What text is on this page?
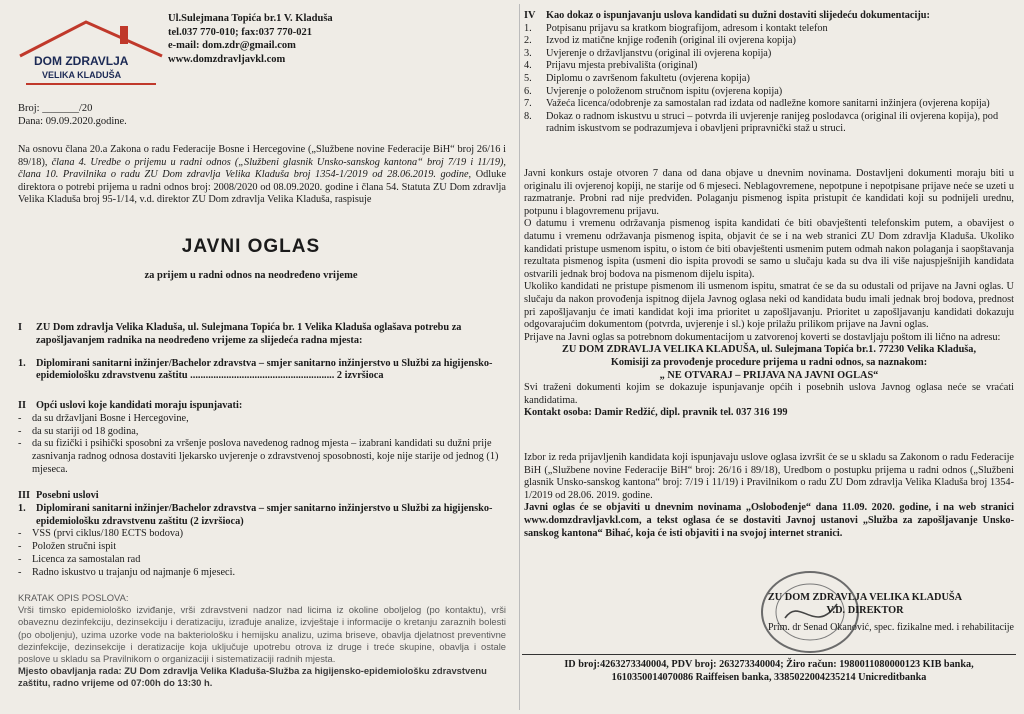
DOM ZDRAVLJA
VELIKA KLADUŠA
Ul.Sulejmana Topića br.1 V. Kladuša
tel.037 770-010; fax:037 770-021
e-mail: dom.zdr@gmail.com
www.domzdravljavkl.com
Broj: _______/20
Dana: 09.09.2020.godine.
Na osnovu člana 20.a Zakona o radu Federacije Bosne i Hercegovine („Službene novine Federacije BiH“ broj 26/16 i 89/18), člana 4. Uredbe o prijemu u radni odnos („Službeni glasnik Unsko-sanskog kantona“ broj 7/19 i 11/19), člana 10. Pravilnika o radu ZU Dom zdravlja Velika Kladuša broj 1354-1/2019 od 28.06.2019. godine, Odluke direktora o potrebi prijema u radni odnos broj: 2008/2020 od 08.09.2020. godine i člana 54. Statuta ZU Dom zdravlja Velika Kladuša broj 95-1/14, v.d. direktor ZU Dom zdravlja Velika Kladuša, raspisuje
JAVNI OGLAS
za prijem u radni odnos na neodređeno vrijeme
I	ZU Dom zdravlja Velika Kladuša, ul. Sulejmana Topića br. 1 Velika Kladuša oglašava potrebu za zapošljavanjem radnika na neodređeno vrijeme za slijedeća radna mjesta:
1. Diplomirani sanitarni inžinjer/Bachelor zdravstva – smjer sanitarno inžinjerstvo u Službi za higijensko-epidemiološku zdravstvenu zaštitu ........................................................ 2 izvršioca
II Opći uslovi koje kandidati moraju ispunjavati:
- da su državljani Bosne i Hercegovine,
- da su stariji od 18 godina,
- da su fizički i psihički sposobni za vršenje poslova navedenog radnog mjesta – izabrani kandidati su dužni prije zasnivanja radnog odnosa dostaviti ljekarsko uvjerenje o zdravstvenoj sposobnosti, koje nije starije od jednog (1) mjeseca.
III Posebni uslovi
1. Diplomirani sanitarni inžinjer/Bachelor zdravstva – smjer sanitarno inžinjerstvo u Službi za higijensko-epidemiološku zdravstvenu zaštitu (2 izvršioca)
- VSS (prvi ciklus/180 ECTS bodova)
- Položen stručni ispit
- Licenca za samostalan rad
- Radno iskustvo u trajanju od najmanje 6 mjeseci.
KRATAK OPIS POSLOVA:
Vrši timsko epidemiološko izviđanje, vrši zdravstveni nadzor nad licima iz okoline oboljelog (po kontaktu), vrši obaveznu dezinfekciju, dezinsekciju i deratizaciju, izrađuje analize, izvještaje i informacije o kretanju zaraznih bolesti (po oboljenju), uzima uzorke vode na bakteriološku i hemijsku analizu, uzima briseve, obavlja djelatnost preventivne dezinfekcije, dezinsekcije i deratizacije koja uključuje upotrebu otrova iz druge i treće skupine, obavlja i ostale poslove u skladu sa Pravilnikom o organizaciji i sistematizaciji radnih mjesta.
Mjesto obavljanja rada: ZU Dom zdravlja Velika Kladuša-Služba za higijensko-epidemiološku zdravstvenu zaštitu, radno vrijeme od 07:00h do 13:30 h.
IV	Kao dokaz o ispunjavanju uslova kandidati su dužni dostaviti slijedeću dokumentaciju:
1.	Potpisanu prijavu sa kratkom biografijom, adresom i kontakt telefon
2.	Izvod iz matične knjige rođenih (original ili ovjerena kopija)
3.	Uvjerenje o državljanstvu (original ili ovjerena kopija)
4.	Prijavu mjesta prebivališta (original)
5.	Diplomu o završenom fakultetu (ovjerena kopija)
6.	Uvjerenje o položenom stručnom ispitu (ovjerena kopija)
7.	Važeća licenca/odobrenje za samostalan rad izdata od nadležne komore sanitarni inžinjera (ovjerena kopija)
8.	Dokaz o radnom iskustvu u struci – potvrda ili uvjerenje ranijeg poslodavca (original ili ovjerena kopija), pod radnim iskustvom se podrazumjeva i obavljeni pripravnički staž u struci.
Javni konkurs ostaje otvoren 7 dana od dana objave u dnevnim novinama. Dostavljeni dokumenti moraju biti u originalu ili ovjerenoj kopiji, ne starije od 6 mjeseci. Neblagovremene, nepotpune i nepotpisane prijave neće se uzeti u razmatranje. Probni rad nije predviđen. Polaganju pismenog ispita pristupit će kandidati koji su podnijeli urednu, potpunu i blagovremenu prijavu.
O datumu i vremenu održavanja pismenog ispita kandidati će biti obavještenti telefonskim putem, a obavijest o datumu i vremenu održavanja pismenog ispita, objavit će se i na web stranici ZU Dom zdravlja Kladuša. Ukoliko kandidati pristupe usmenom ispitu, o istom će biti obavještenti usmenim putem odmah nakon polaganja i saopštavanja rezultata pismenog ispita (usmeni dio ispita provodi se samo u slučaju kada su dva ili više najuspješnijih kandidata ostvarili jednak broj bodova na pismenom dijelu ispita).
Ukoliko kandidati ne pristupe pismenom ili usmenom ispitu, smatrat će se da su odustali od prijave na Javni oglas. U slučaju da nakon provođenja ispitnog dijela Javnog oglasa neki od kandidata budu imali jednak broj bodova, prednost pri zapošljavanju će imati kandidat koji ima prioritet u zapošljavanju. Prioritet u zapošljavanju kandidati dokazuju odgovarajućim dokumentom (potvrda, uvjerenje i sl.) koje prilažu prilikom prijave na Javni oglas.
Prijave na Javni oglas sa potrebnom dokumentacijom u zatvorenoj koverti se dostavljaju poštom ili lično na adresu:
ZU DOM ZDRAVLJA VELIKA KLADUŠA, ul. Sulejmana Topića br.1. 77230 Velika Kladuša,
Komisiji za provođenje procedure prijema u radni odnos, sa naznakom:
„ NE OTVARAJ – PRIJAVA NA JAVNI OGLAS“
Svi traženi dokumenti kojim se dokazuje ispunjavanje općih i posebnih uslova Javnog oglasa neće se vraćati kandidatima.
Kontakt osoba: Damir Redžić, dipl. pravnik tel. 037 316 199
Izbor iz reda prijavljenih kandidata koji ispunjavaju uslove oglasa izvršit će se u skladu sa Zakonom o radu Federacije BiH („Službene novine Federacije BiH“ broj: 26/16 i 89/18), Uredbom o postupku prijema u radni odnos („Službeni glasnik Unsko-sanskog kantona“ broj: 7/19 i 11/19) i Pravilnikom o radu ZU Dom zdravlja Velika Kladuša broj 1354-1/2019 od 28.06. 2019. godine.
Javni oglas će se objaviti u dnevnim novinama „Oslobođenje“ dana 11.09. 2020. godine, i na web stranici www.domzdravljavkl.com, a tekst oglasa će se dostaviti Javnoj ustanovi „Služba za zapošljavanje Unsko-sanskog kantona“ Bihać, koja će isti objaviti i na svojoj internet stranici.
ZU DOM ZDRAVLJA VELIKA KLADUŠA
V.D. DIREKTOR
Prim. dr Senad Okanović, spec. fizikalne med. i rehabilitacije
ID broj:4263273340004, PDV broj: 263273340004; Žiro račun: 1980011080000123 KIB banka,
1610350014070086 Raiffeisen banka, 3385022004235214 Unicreditbanka
